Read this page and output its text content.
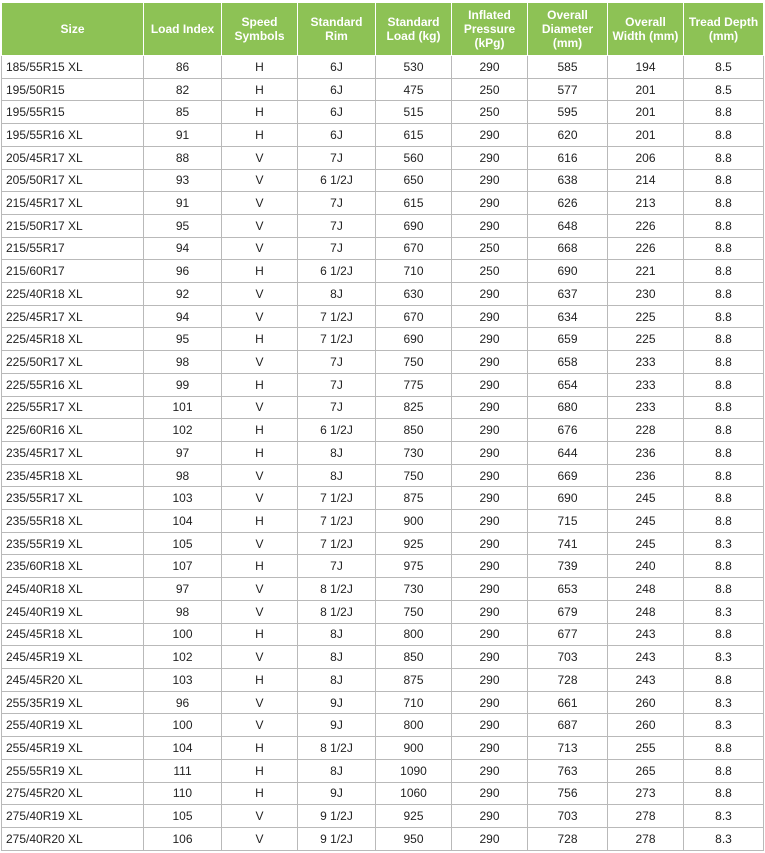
Size	Load Index	Speed Symbols	Standard Rim	Standard Load (kg)	Inflated Pressure (kPg)	Overall Diameter (mm)	Overall Width (mm)	Tread Depth (mm)
185/55R15 XL	86	H	6J	530	290	585	194	8.5
195/50R15	82	H	6J	475	250	577	201	8.5
195/55R15	85	H	6J	515	250	595	201	8.8
195/55R16 XL	91	H	6J	615	290	620	201	8.8
205/45R17 XL	88	V	7J	560	290	616	206	8.8
205/50R17 XL	93	V	6 1/2J	650	290	638	214	8.8
215/45R17 XL	91	V	7J	615	290	626	213	8.8
215/50R17 XL	95	V	7J	690	290	648	226	8.8
215/55R17	94	V	7J	670	250	668	226	8.8
215/60R17	96	H	6 1/2J	710	250	690	221	8.8
225/40R18 XL	92	V	8J	630	290	637	230	8.8
225/45R17 XL	94	V	7 1/2J	670	290	634	225	8.8
225/45R18 XL	95	H	7 1/2J	690	290	659	225	8.8
225/50R17 XL	98	V	7J	750	290	658	233	8.8
225/55R16 XL	99	H	7J	775	290	654	233	8.8
225/55R17 XL	101	V	7J	825	290	680	233	8.8
225/60R16 XL	102	H	6 1/2J	850	290	676	228	8.8
235/45R17 XL	97	H	8J	730	290	644	236	8.8
235/45R18 XL	98	V	8J	750	290	669	236	8.8
235/55R17 XL	103	V	7 1/2J	875	290	690	245	8.8
235/55R18 XL	104	H	7 1/2J	900	290	715	245	8.8
235/55R19 XL	105	V	7 1/2J	925	290	741	245	8.3
235/60R18 XL	107	H	7J	975	290	739	240	8.8
245/40R18 XL	97	V	8 1/2J	730	290	653	248	8.8
245/40R19 XL	98	V	8 1/2J	750	290	679	248	8.3
245/45R18 XL	100	H	8J	800	290	677	243	8.8
245/45R19 XL	102	V	8J	850	290	703	243	8.3
245/45R20 XL	103	H	8J	875	290	728	243	8.8
255/35R19 XL	96	V	9J	710	290	661	260	8.3
255/40R19 XL	100	V	9J	800	290	687	260	8.3
255/45R19 XL	104	H	8 1/2J	900	290	713	255	8.8
255/55R19 XL	111	H	8J	1090	290	763	265	8.8
275/45R20 XL	110	H	9J	1060	290	756	273	8.8
275/40R19 XL	105	V	9 1/2J	925	290	703	278	8.3
275/40R20 XL	106	V	9 1/2J	950	290	728	278	8.3
